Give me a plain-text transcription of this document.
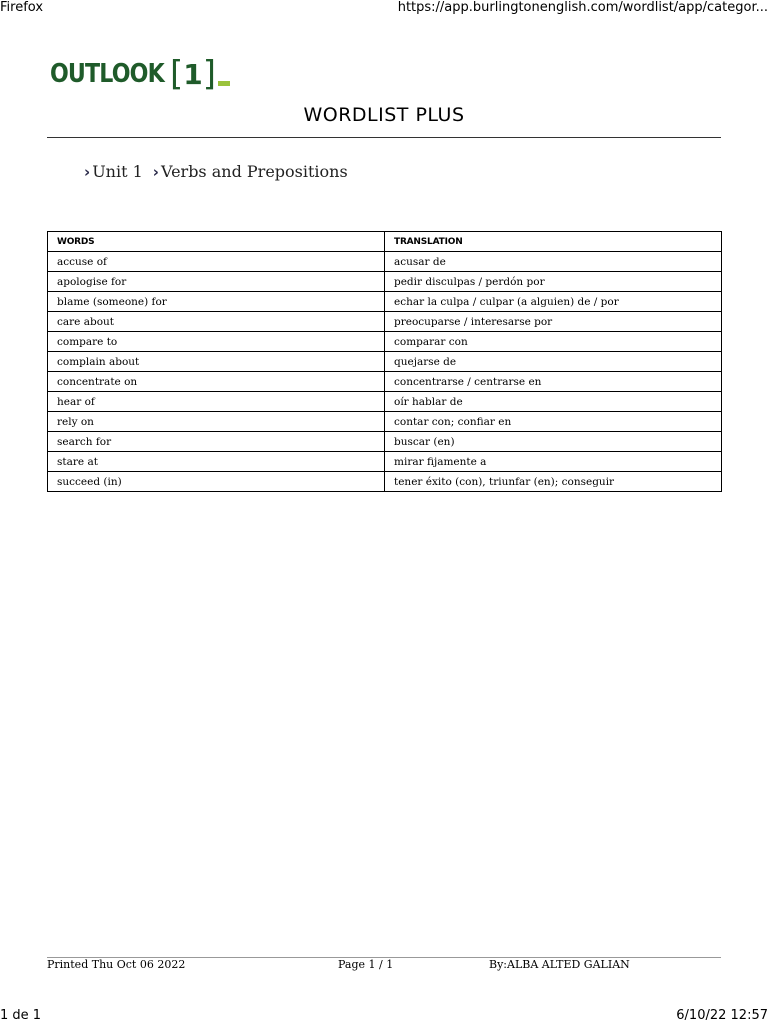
Firefox	https://app.burlingtonenglish.com/wordlist/app/categor...
OUTLOOK [ 1 ]
WORDLIST PLUS
› Unit 1 › Verbs and Prepositions
WORDS	TRANSLATION
accuse of	acusar de
apologise for	pedir disculpas / perdón por
blame (someone) for	echar la culpa / culpar (a alguien) de / por
care about	preocuparse / interesarse por
compare to	comparar con
complain about	quejarse de
concentrate on	concentrarse / centrarse en
hear of	oír hablar de
rely on	contar con; confiar en
search for	buscar (en)
stare at	mirar fijamente a
succeed (in)	tener éxito (con), triunfar (en); conseguir
Printed Thu Oct 06 2022	Page 1 / 1	By:ALBA ALTED GALIAN
1 de 1	6/10/22 12:57
